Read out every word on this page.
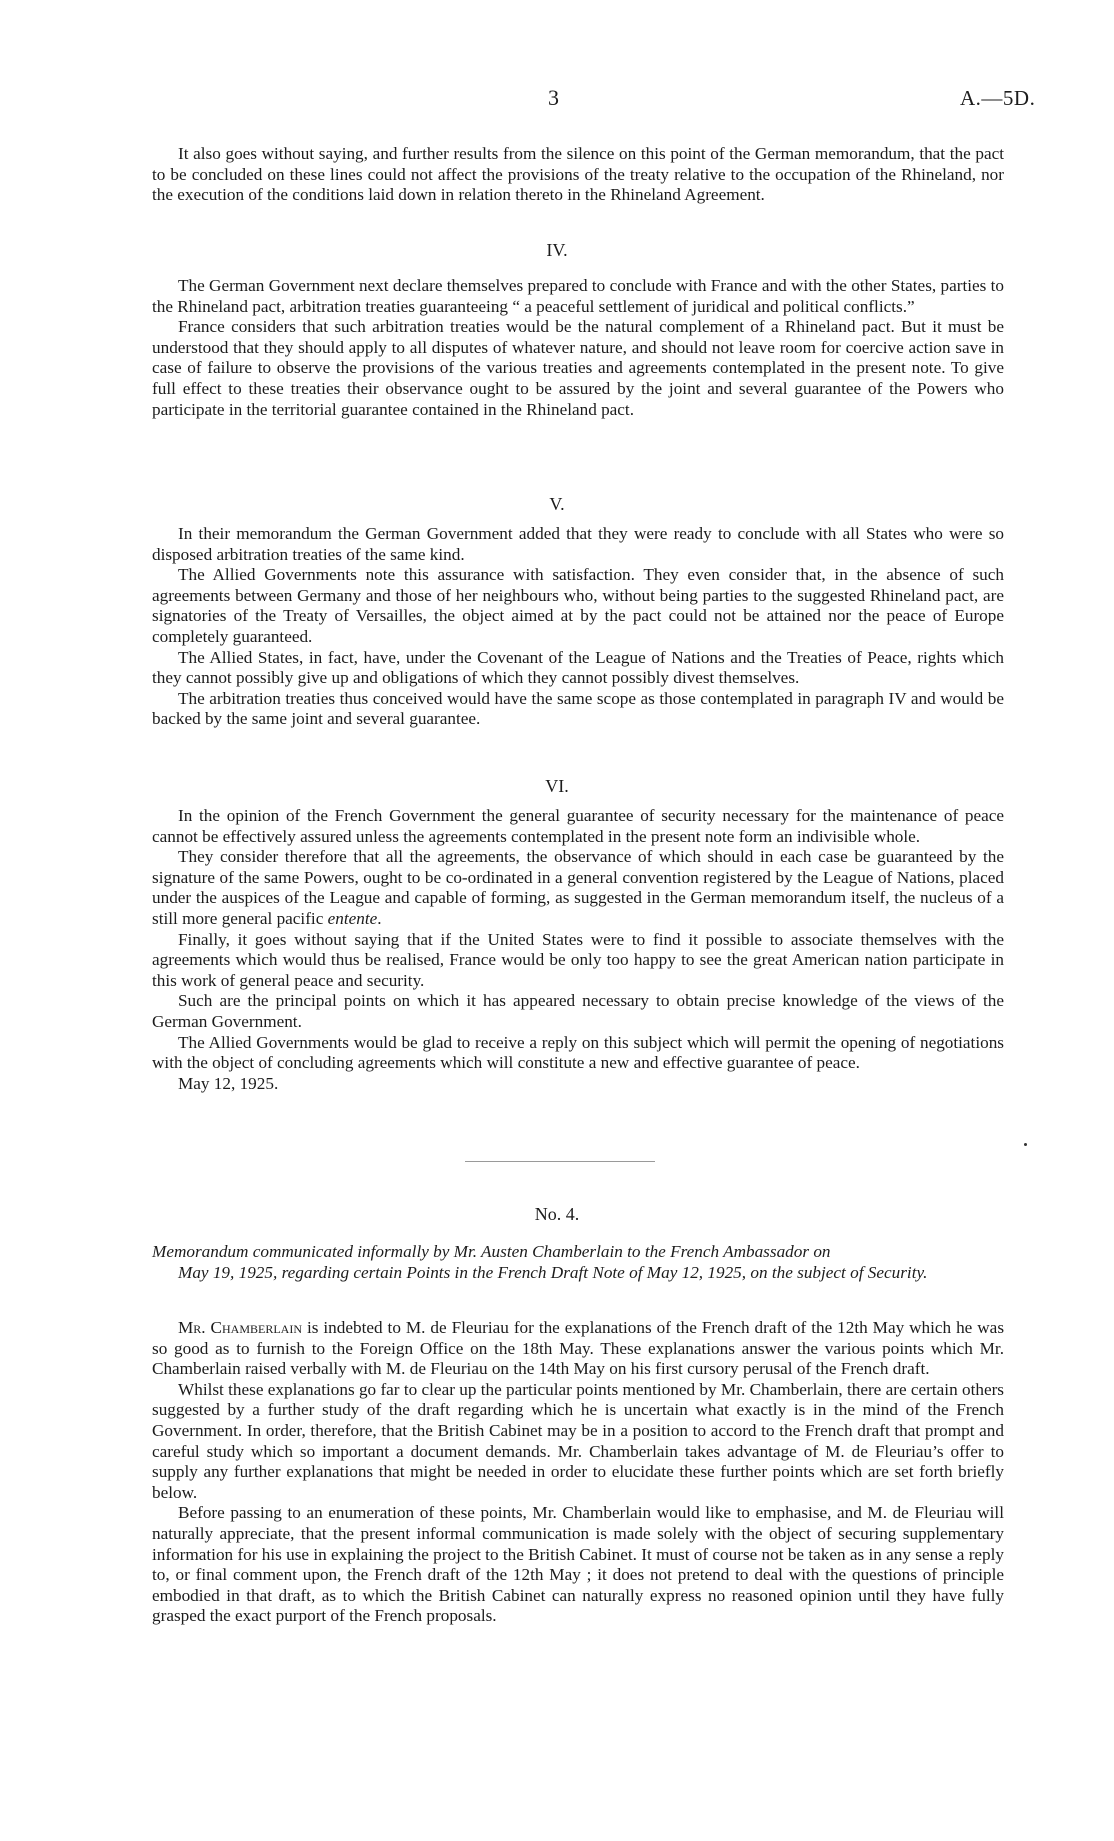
3	A.—5D.

It also goes without saying, and further results from the silence on this point of the German memorandum, that the pact to be concluded on these lines could not affect the provisions of the treaty relative to the occupation of the Rhineland, nor the execution of the conditions laid down in relation thereto in the Rhineland Agreement.

IV.

The German Government next declare themselves prepared to conclude with France and with the other States, parties to the Rhineland pact, arbitration treaties guaranteeing “ a peaceful settlement of juridical and political conflicts.”

France considers that such arbitration treaties would be the natural complement of a Rhineland pact. But it must be understood that they should apply to all disputes of whatever nature, and should not leave room for coercive action save in case of failure to observe the provisions of the various treaties and agreements contemplated in the present note. To give full effect to these treaties their observance ought to be assured by the joint and several guarantee of the Powers who participate in the territorial guarantee contained in the Rhineland pact.

V.

In their memorandum the German Government added that they were ready to conclude with all States who were so disposed arbitration treaties of the same kind.

The Allied Governments note this assurance with satisfaction. They even consider that, in the absence of such agreements between Germany and those of her neighbours who, without being parties to the suggested Rhineland pact, are signatories of the Treaty of Versailles, the object aimed at by the pact could not be attained nor the peace of Europe completely guaranteed.

The Allied States, in fact, have, under the Covenant of the League of Nations and the Treaties of Peace, rights which they cannot possibly give up and obligations of which they cannot possibly divest themselves.

The arbitration treaties thus conceived would have the same scope as those contemplated in paragraph IV and would be backed by the same joint and several guarantee.

VI.

In the opinion of the French Government the general guarantee of security necessary for the maintenance of peace cannot be effectively assured unless the agreements contemplated in the present note form an indivisible whole.

They consider therefore that all the agreements, the observance of which should in each case be guaranteed by the signature of the same Powers, ought to be co-ordinated in a general convention registered by the League of Nations, placed under the auspices of the League and capable of forming, as suggested in the German memorandum itself, the nucleus of a still more general pacific entente.

Finally, it goes without saying that if the United States were to find it possible to associate themselves with the agreements which would thus be realised, France would be only too happy to see the great American nation participate in this work of general peace and security.

Such are the principal points on which it has appeared necessary to obtain precise knowledge of the views of the German Government.

The Allied Governments would be glad to receive a reply on this subject which will permit the opening of negotiations with the object of concluding agreements which will constitute a new and effective guarantee of peace.

May 12, 1925.

No. 4.
Memorandum communicated informally by Mr. Austen Chamberlain to the French Ambassador on
May 19, 1925, regarding certain Points in the French Draft Note of May 12, 1925, on the subject of Security.

Mr. Chamberlain is indebted to M. de Fleuriau for the explanations of the French draft of the 12th May which he was so good as to furnish to the Foreign Office on the 18th May. These explanations answer the various points which Mr. Chamberlain raised verbally with M. de Fleuriau on the 14th May on his first cursory perusal of the French draft.

Whilst these explanations go far to clear up the particular points mentioned by Mr. Chamberlain, there are certain others suggested by a further study of the draft regarding which he is uncertain what exactly is in the mind of the French Government. In order, therefore, that the British Cabinet may be in a position to accord to the French draft that prompt and careful study which so important a document demands. Mr. Chamberlain takes advantage of M. de Fleuriau’s offer to supply any further explanations that might be needed in order to elucidate these further points which are set forth briefly below.

Before passing to an enumeration of these points, Mr. Chamberlain would like to emphasise, and M. de Fleuriau will naturally appreciate, that the present informal communication is made solely with the object of securing supplementary information for his use in explaining the project to the British Cabinet. It must of course not be taken as in any sense a reply to, or final comment upon, the French draft of the 12th May ; it does not pretend to deal with the questions of principle embodied in that draft, as to which the British Cabinet can naturally express no reasoned opinion until they have fully grasped the exact purport of the French proposals.
